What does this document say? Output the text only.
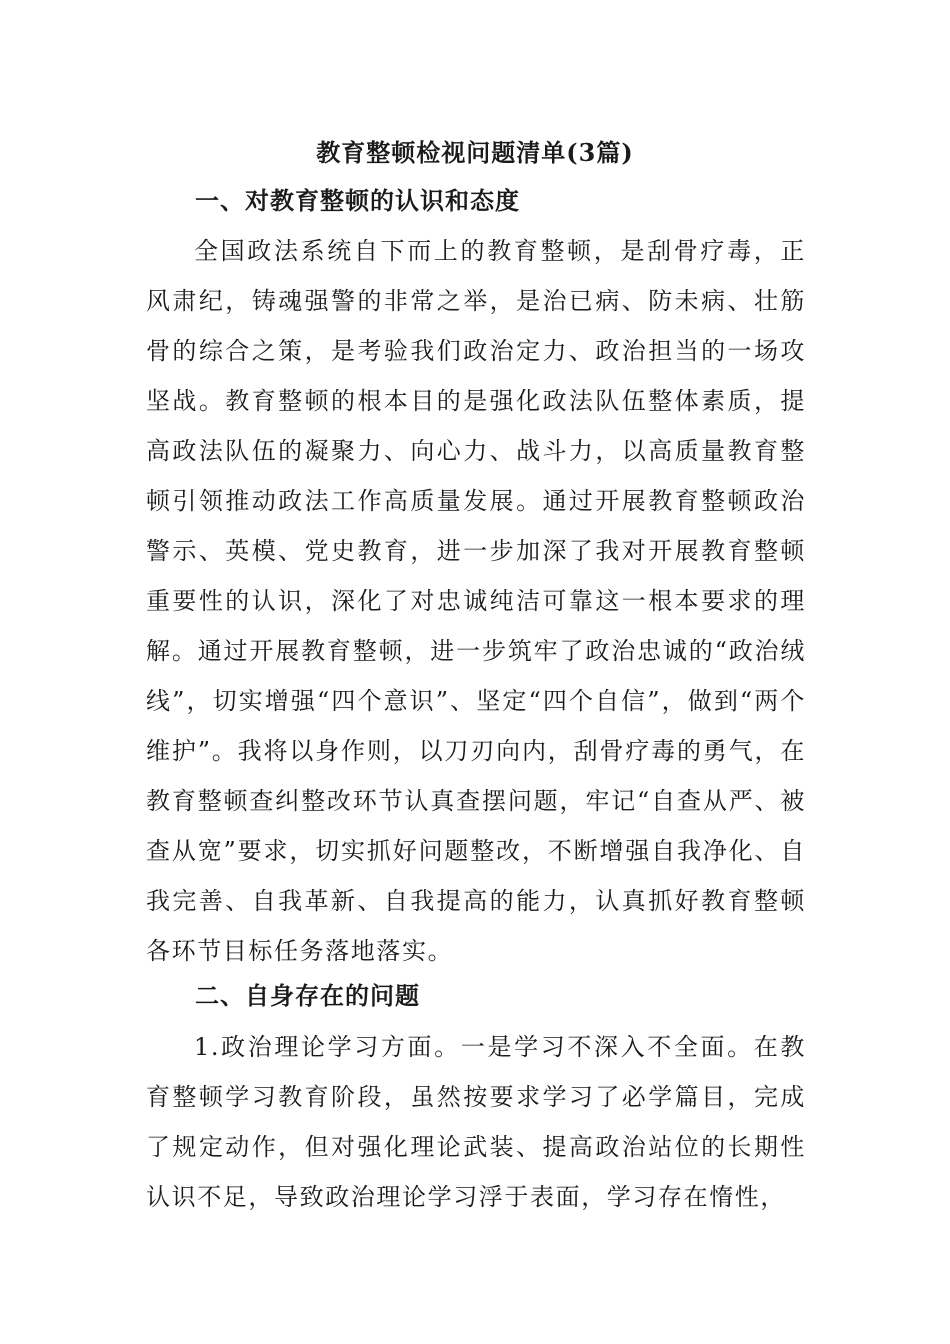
教育整顿检视问题清单(3篇)
一、对教育整顿的认识和态度

全国政法系统自下而上的教育整顿，是刮骨疗毒，正风肃纪，铸魂强警的非常之举，是治已病、防未病、壮筋骨的综合之策，是考验我们政治定力、政治担当的一场攻坚战。教育整顿的根本目的是强化政法队伍整体素质，提高政法队伍的凝聚力、向心力、战斗力，以高质量教育整顿引领推动政法工作高质量发展。通过开展教育整顿政治警示、英模、党史教育，进一步加深了我对开展教育整顿重要性的认识，深化了对忠诚纯洁可靠这一根本要求的理解。通过开展教育整顿，进一步筑牢了政治忠诚的“政治绒线”，切实增强“四个意识”、坚定“四个自信”，做到“两个维护”。我将以身作则，以刀刃向内，刮骨疗毒的勇气，在教育整顿查纠整改环节认真查摆问题，牢记“自查从严、被查从宽”要求，切实抓好问题整改，不断增强自我净化、自我完善、自我革新、自我提高的能力，认真抓好教育整顿各环节目标任务落地落实。

二、自身存在的问题

1.政治理论学习方面。一是学习不深入不全面。在教育整顿学习教育阶段，虽然按要求学习了必学篇目，完成了规定动作，但对强化理论武装、提高政治站位的长期性认识不足，导致政治理论学习浮于表面，学习存在惰性，
